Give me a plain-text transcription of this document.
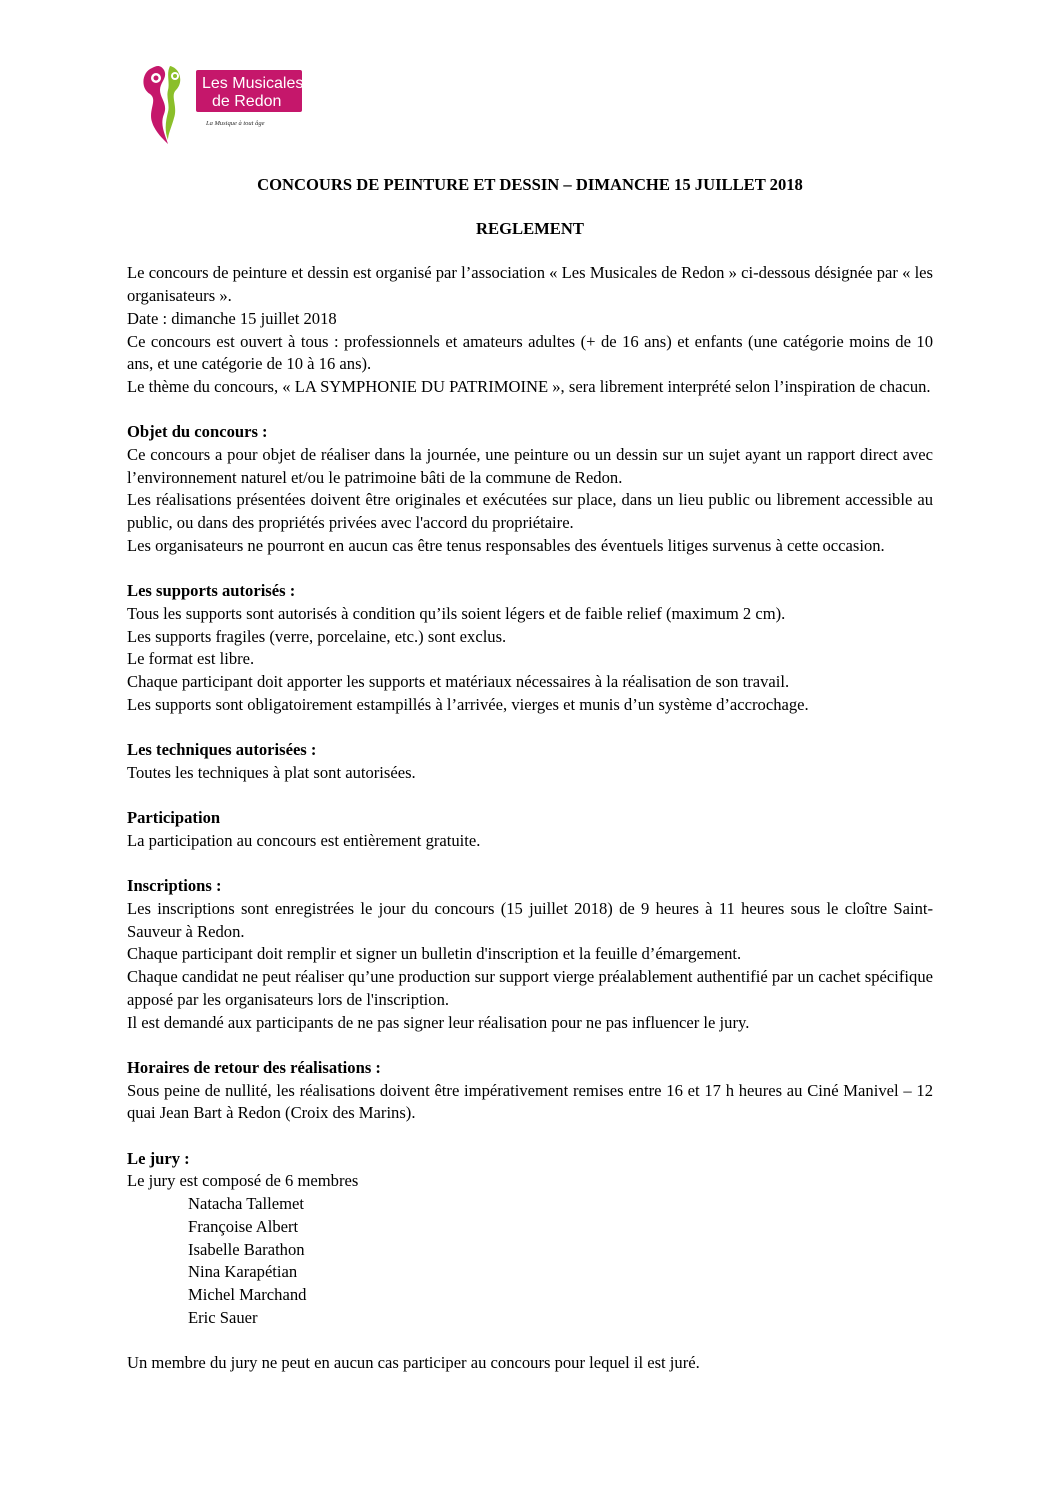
Les Musicales
de Redon
La Musique à tout âge

CONCOURS DE PEINTURE ET DESSIN – DIMANCHE 15 JUILLET 2018

REGLEMENT

Le concours de peinture et dessin est organisé par l’association « Les Musicales de Redon » ci-dessous désignée par « les organisateurs ».

Date : dimanche 15 juillet 2018

Ce concours est ouvert à tous : professionnels et amateurs adultes (+ de 16 ans) et enfants (une catégorie moins de 10 ans, et une catégorie de 10 à 16 ans).

Le thème du concours, « LA SYMPHONIE DU PATRIMOINE », sera librement interprété selon l’inspiration de chacun.

Objet du concours :

Ce concours a pour objet de réaliser dans la journée, une peinture ou un dessin sur un sujet ayant un rapport direct avec l’environnement naturel et/ou le patrimoine bâti de la commune de Redon.

Les réalisations présentées doivent être originales et exécutées sur place, dans un lieu public ou librement accessible au public, ou dans des propriétés privées avec l'accord du propriétaire.

Les organisateurs ne pourront en aucun cas être tenus responsables des éventuels litiges survenus à cette occasion.

Les supports autorisés :

Tous les supports sont autorisés à condition qu’ils soient légers et de faible relief (maximum 2 cm).

Les supports fragiles (verre, porcelaine, etc.) sont exclus.

Le format est libre.

Chaque participant doit apporter les supports et matériaux nécessaires à la réalisation de son travail.

Les supports sont obligatoirement estampillés à l’arrivée, vierges et munis d’un système d’accrochage.

Les techniques autorisées :

Toutes les techniques à plat sont autorisées.

Participation

La participation au concours est entièrement gratuite.

Inscriptions :

Les inscriptions sont enregistrées le jour du concours (15 juillet 2018) de 9 heures à 11 heures sous le cloître Saint-Sauveur à Redon.

Chaque participant doit remplir et signer un bulletin d'inscription et la feuille d’émargement.

Chaque candidat ne peut réaliser qu’une production sur support vierge préalablement authentifié par un cachet spécifique apposé par les organisateurs lors de l'inscription.

Il est demandé aux participants de ne pas signer leur réalisation pour ne pas influencer le jury.

Horaires de retour des réalisations :

Sous peine de nullité, les réalisations doivent être impérativement remises entre 16 et 17 h heures au Ciné Manivel – 12 quai Jean Bart à Redon (Croix des Marins).

Le jury :

Le jury est composé de 6 membres

Natacha Tallemet
Françoise Albert
Isabelle Barathon
Nina Karapétian
Michel Marchand
Eric Sauer

Un membre du jury ne peut en aucun cas participer au concours pour lequel il est juré.
